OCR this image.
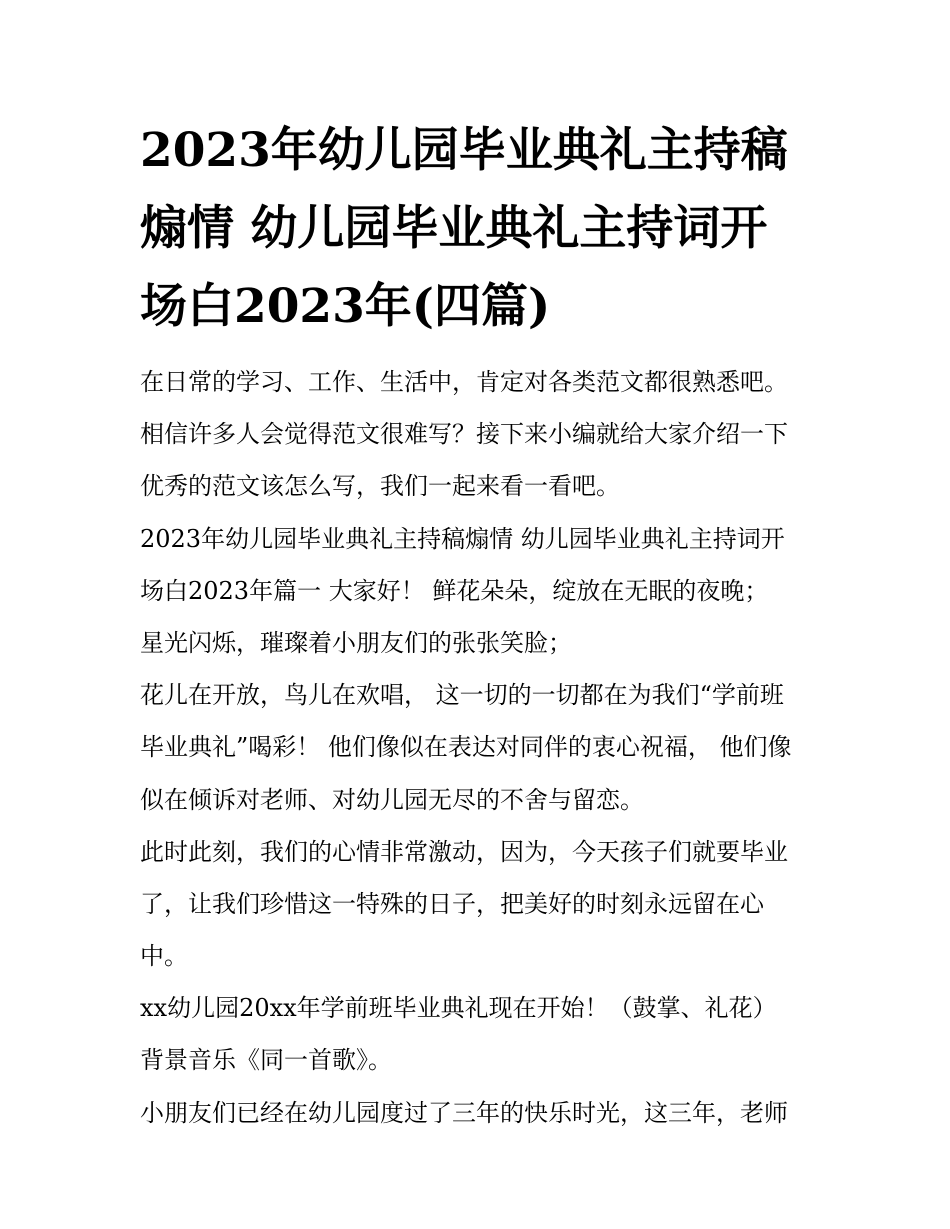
2023年幼儿园毕业典礼主持稿
煽情 幼儿园毕业典礼主持词开
场白2023年(四篇)
在日常的学习、工作、生活中，肯定对各类范文都很熟悉吧。
相信许多人会觉得范文很难写？接下来小编就给大家介绍一下
优秀的范文该怎么写，我们一起来看一看吧。
2023年幼儿园毕业典礼主持稿煽情 幼儿园毕业典礼主持词开
场白2023年篇一 大家好！ 鲜花朵朵，绽放在无眠的夜晚；
星光闪烁，璀璨着小朋友们的张张笑脸；
花儿在开放，鸟儿在欢唱， 这一切的一切都在为我们“学前班
毕业典礼”喝彩！ 他们像似在表达对同伴的衷心祝福， 他们像
似在倾诉对老师、对幼儿园无尽的不舍与留恋。
此时此刻，我们的心情非常激动，因为，今天孩子们就要毕业
了，让我们珍惜这一特殊的日子，把美好的时刻永远留在心
中。
xx幼儿园20xx年学前班毕业典礼现在开始！（鼓掌、礼花）
背景音乐《同一首歌》。
小朋友们已经在幼儿园度过了三年的快乐时光，这三年，老师
